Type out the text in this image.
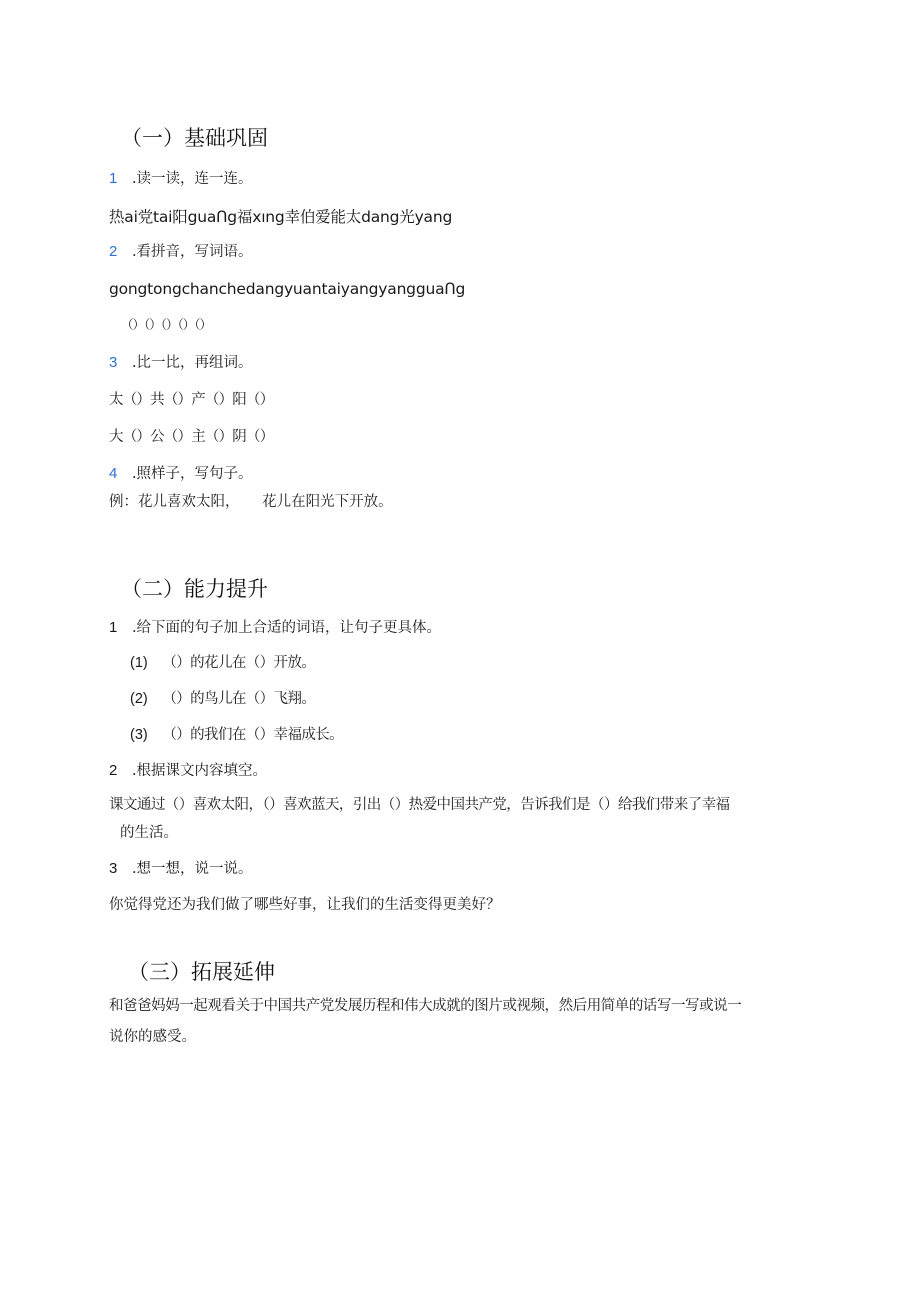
（一）基础巩固
1 .读一读，连一连。
热ai党tai阳guaᑎg福xıng幸伯爱能太dang光yang
2 .看拼音，写词语。
gongtongchanchedangyuantaiyangyangguaᑎg
（）（）（）（）（）
3 .比一比，再组词。
太（）共（）产（）阳（）
大（）公（）主（）阴（）
4 .照样子，写句子。
例：花儿喜欢太阳， 花儿在阳光下开放。
（二）能力提升
1 .给下面的句子加上合适的词语，让句子更具体。
(1) （）的花儿在（）开放。
(2) （）的鸟儿在（）飞翔。
(3) （）的我们在（）幸福成长。
2 .根据课文内容填空。
课文通过（）喜欢太阳，（）喜欢蓝天，引出（）热爱中国共产党，告诉我们是（）给我们带来了幸福
的生活。
3 .想一想，说一说。
你觉得党还为我们做了哪些好事，让我们的生活变得更美好？
（三）拓展延伸
和爸爸妈妈一起观看关于中国共产党发展历程和伟大成就的图片或视频，然后用简单的话写一写或说一
说你的感受。
